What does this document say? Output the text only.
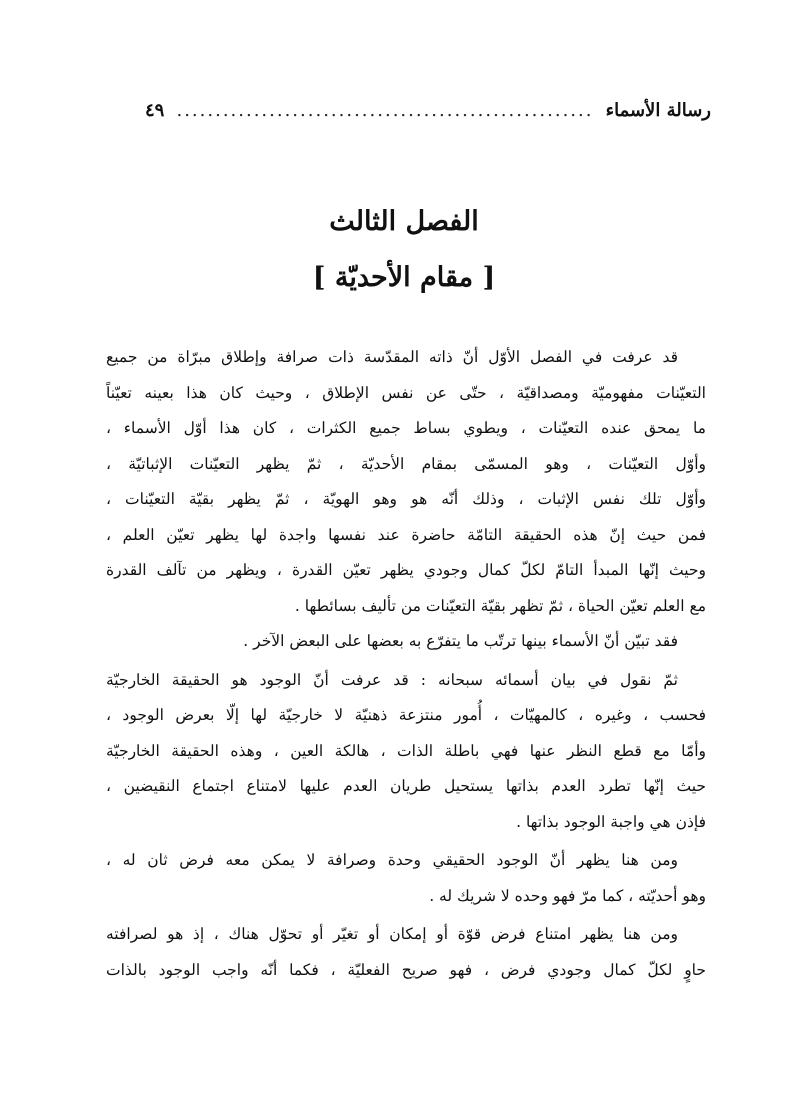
رسالة الأسماء
......................................................
٤٩
الفصل الثالث
[ مقام الأحديّة ]
قد عرفت في الفصل الأوّل أنّ ذاته المقدّسة ذات صرافة وإطلاق مبرّاة من جميع
التعيّنات مفهوميّة ومصداقيّة ، حتّى عن نفس الإطلاق ، وحيث كان هذا بعينه تعيّناً
ما يمحق عنده التعيّنات ، ويطوي بساط جميع الكثرات ، كان هذا أوّل الأسماء ،
وأوّل التعيّنات ، وهو المسمّى بمقام الأحديّة ، ثمّ يظهر التعيّنات الإثباتيّة ،
وأوّل تلك نفس الإثبات ، وذلك أنّه هو وهو الهويّة ، ثمّ يظهر بقيّة التعيّنات ،
فمن حيث إنّ هذه الحقيقة التامّة حاضرة عند نفسها واجدة لها يظهر تعيّن العلم ،
وحيث إنّها المبدأ التامّ لكلّ كمال وجودي يظهر تعيّن القدرة ، ويظهر من تآلف القدرة
مع العلم تعيّن الحياة ، ثمّ تظهر بقيّة التعيّنات من تأليف بسائطها .
فقد تبيّن أنّ الأسماء بينها ترتّب ما يتفرّع به بعضها على البعض الآخر .
ثمّ نقول في بيان أسمائه سبحانه : قد عرفت أنّ الوجود هو الحقيقة الخارجيّة
فحسب ، وغيره ، كالمهيّات ، أُمور منتزعة ذهنيّة لا خارجيّة لها إلّا بعرض الوجود ،
وأمّا مع قطع النظر عنها فهي باطلة الذات ، هالكة العين ، وهذه الحقيقة الخارجيّة
حيث إنّها تطرد العدم بذاتها يستحيل طريان العدم عليها لامتناع اجتماع النقيضين ،
فإذن هي واجبة الوجود بذاتها .
ومن هنا يظهر أنّ الوجود الحقيقي وحدة وصرافة لا يمكن معه فرض ثان له ،
وهو أحديّته ، كما مرّ فهو وحده لا شريك له .
ومن هنا يظهر امتناع فرض قوّة أو إمكان أو تغيّر أو تحوّل هناك ، إذ هو لصرافته
حاوٍ لكلّ كمال وجودي فرض ، فهو صريح الفعليّة ، فكما أنّه واجب الوجود بالذات
